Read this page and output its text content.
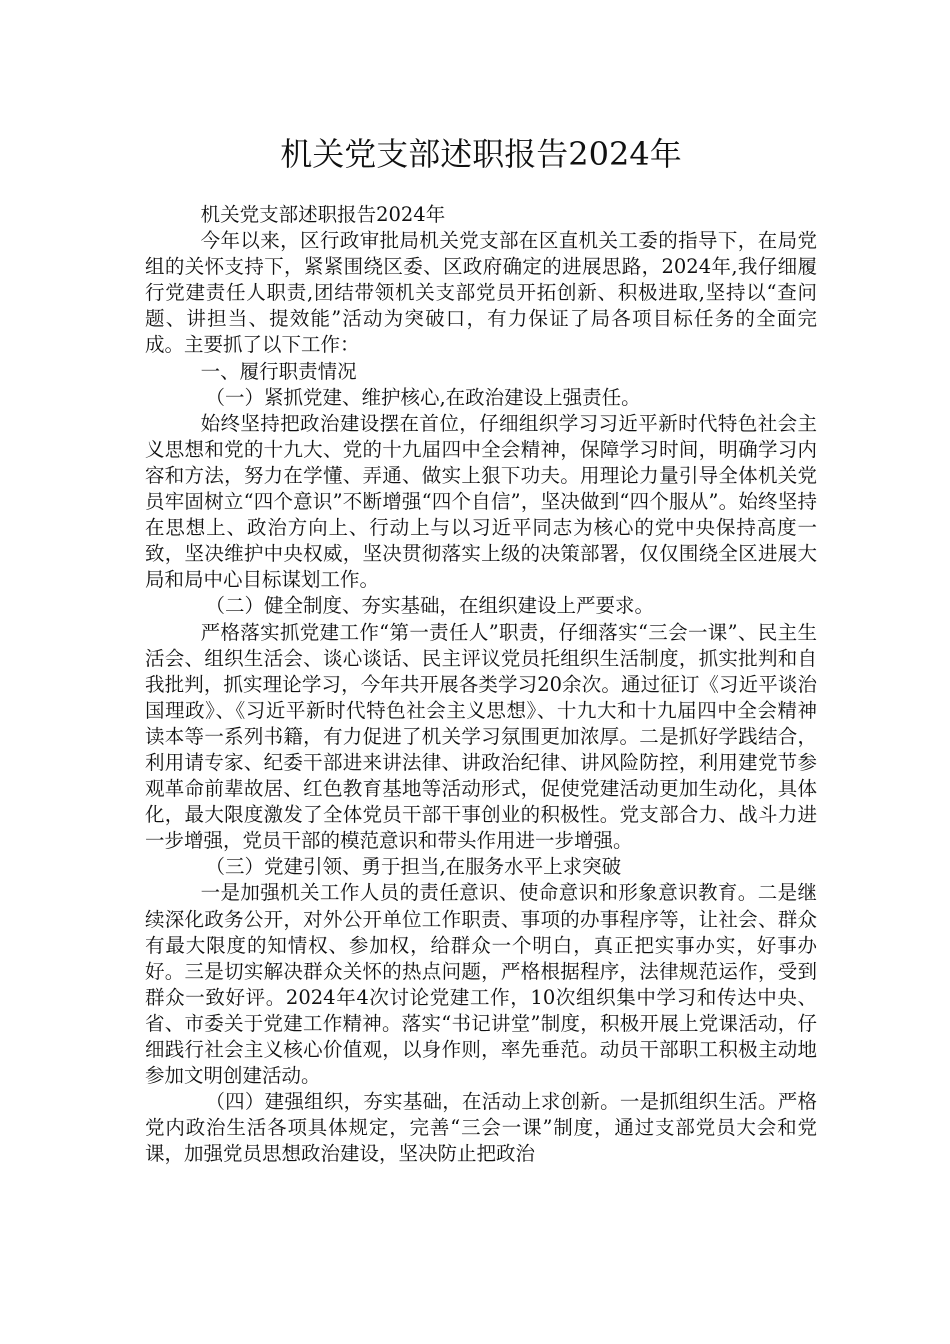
机关党支部述职报告2024年

机关党支部述职报告2024年

今年以来，区行政审批局机关党支部在区直机关工委的指导下，在局党组的关怀支持下，紧紧围绕区委、区政府确定的进展思路，2024年,我仔细履行党建责任人职责,团结带领机关支部党员开拓创新、积极进取,坚持以“查问题、讲担当、提效能”活动为突破口，有力保证了局各项目标任务的全面完成。主要抓了以下工作：

一、履行职责情况

（一）紧抓党建、维护核心,在政治建设上强责任。

始终坚持把政治建设摆在首位，仔细组织学习习近平新时代特色社会主义思想和党的十九大、党的十九届四中全会精神，保障学习时间，明确学习内容和方法，努力在学懂、弄通、做实上狠下功夫。用理论力量引导全体机关党员牢固树立“四个意识”不断增强“四个自信”，坚决做到“四个服从”。始终坚持在思想上、政治方向上、行动上与以习近平同志为核心的党中央保持高度一致，坚决维护中央权威，坚决贯彻落实上级的决策部署，仅仅围绕全区进展大局和局中心目标谋划工作。

（二）健全制度、夯实基础，在组织建设上严要求。

严格落实抓党建工作“第一责任人”职责，仔细落实“三会一课”、民主生活会、组织生活会、谈心谈话、民主评议党员托组织生活制度，抓实批判和自我批判，抓实理论学习，今年共开展各类学习20余次。通过征订《习近平谈治国理政》、《习近平新时代特色社会主义思想》、十九大和十九届四中全会精神读本等一系列书籍，有力促进了机关学习氛围更加浓厚。二是抓好学践结合，利用请专家、纪委干部进来讲法律、讲政治纪律、讲风险防控，利用建党节参观革命前辈故居、红色教育基地等活动形式，促使党建活动更加生动化，具体化，最大限度激发了全体党员干部干事创业的积极性。党支部合力、战斗力进一步增强，党员干部的模范意识和带头作用进一步增强。

（三）党建引领、勇于担当,在服务水平上求突破

一是加强机关工作人员的责任意识、使命意识和形象意识教育。二是继续深化政务公开，对外公开单位工作职责、事项的办事程序等，让社会、群众有最大限度的知情权、参加权，给群众一个明白，真正把实事办实，好事办好。三是切实解决群众关怀的热点问题，严格根据程序，法律规范运作，受到群众一致好评。2024年4次讨论党建工作，10次组织集中学习和传达中央、省、市委关于党建工作精神。落实“书记讲堂”制度，积极开展上党课活动，仔细践行社会主义核心价值观，以身作则，率先垂范。动员干部职工积极主动地参加文明创建活动。

（四）建强组织，夯实基础，在活动上求创新。一是抓组织生活。严格党内政治生活各项具体规定，完善“三会一课”制度，通过支部党员大会和党课，加强党员思想政治建设，坚决防止把政治
